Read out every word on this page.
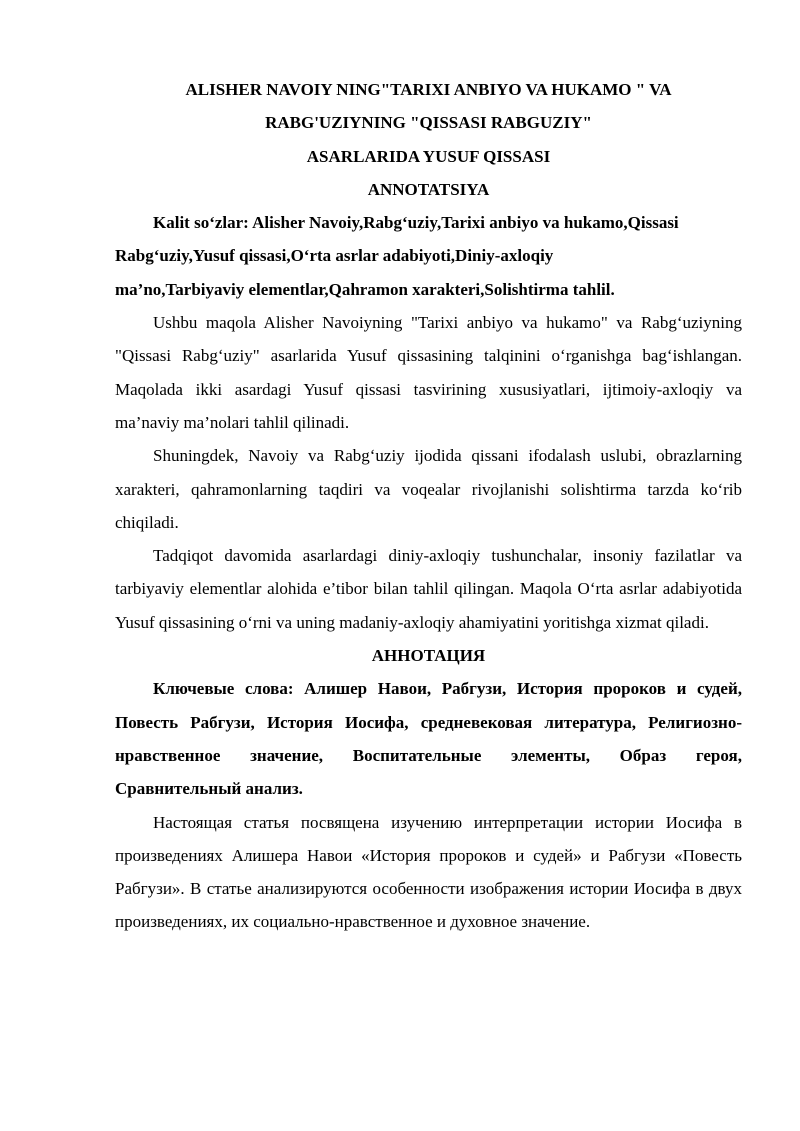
ALISHER NAVOIY NING"TARIXI ANBIYO VA HUKAMO " VA
RABG'UZIYNING "QISSASI RABGUZIY"
ASARLARIDA YUSUF QISSASI
ANNOTATSIYA

Kalit so‘zlar: Alisher Navoiy,Rabg‘uziy,Tarixi anbiyo va hukamo,Qissasi
Rabg‘uziy,Yusuf qissasi,O‘rta asrlar adabiyoti,Diniy-axloqiy
ma’no,Tarbiyaviy elementlar,Qahramon xarakteri,Solishtirma tahlil.

Ushbu maqola Alisher Navoiyning "Tarixi anbiyo va hukamo" va Rabg‘uziyning "Qissasi Rabg‘uziy" asarlarida Yusuf qissasining talqinini o‘rganishga bag‘ishlangan. Maqolada ikki asardagi Yusuf qissasi tasvirining xususiyatlari, ijtimoiy-axloqiy va ma’naviy ma’nolari tahlil qilinadi.

Shuningdek, Navoiy va Rabg‘uziy ijodida qissani ifodalash uslubi, obrazlarning xarakteri, qahramonlarning taqdiri va voqealar rivojlanishi solishtirma tarzda ko‘rib chiqiladi.

Tadqiqot davomida asarlardagi diniy-axloqiy tushunchalar, insoniy fazilatlar va tarbiyaviy elementlar alohida e’tibor bilan tahlil qilingan. Maqola O‘rta asrlar adabiyotida Yusuf qissasining o‘rni va uning madaniy-axloqiy ahamiyatini yoritishga xizmat qiladi.

АННОТАЦИЯ

Ключевые слова: Алишер Навои, Рабгузи, История пророков и судей, Повесть Рабгузи, История Иосифа, средневековая литература, Религиозно-нравственное значение, Воспитательные элементы, Образ героя, Сравнительный анализ.

Настоящая статья посвящена изучению интерпретации истории Иосифа в произведениях Алишера Навои «История пророков и судей» и Рабгузи «Повесть Рабгузи». В статье анализируются особенности изображения истории Иосифа в двух произведениях, их социально-нравственное и духовное значение.
